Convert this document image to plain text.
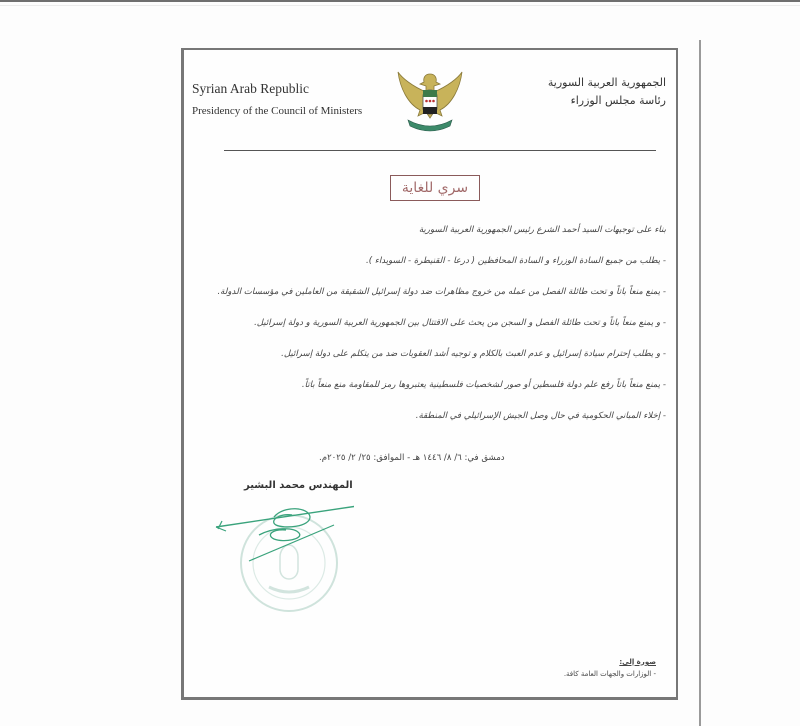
Syrian Arab Republic
Presidency of the Council of Ministers
الجمهورية العربية السورية
رئاسة مجلس الوزراء
سري للغاية
بناء على توجيهات السيد أحمد الشرع رئيس الجمهورية العربية السورية
- يطلب من جميع السادة الوزراء و السادة المحافظين ( درعا - القنيطرة - السويداء ).
- يمنع منعاً باتاً و تحت طائلة الفصل من عمله من خروج مظاهرات ضد دولة إسرائيل الشقيقة من العاملين في مؤسسات الدولة.
- و يمنع منعاً باتاً و تحت طائلة الفصل و السجن من يحث على الاقتتال بين الجمهورية العربية السورية و دولة إسرائيل.
- و يطلب إحترام سيادة إسرائيل و عدم العبث بالكلام و توجيه أشد العقوبات ضد من يتكلم على دولة إسرائيل.
- يمنع منعاً باتاً رفع علم دولة فلسطين أو صور لشخصيات فلسطينية يعتبروها رمز للمقاومة منع منعاً باتاً.
- إخلاء المباني الحكومية في حال وصل الجيش الإسرائيلي في المنطقة.
دمشق في: ٦/ ٨/ ١٤٤٦ هـ - الموافق: ٢٥/ ٢/ ٢٠٢٥م.
المهندس محمد البشير
صورة إلى:
- الوزارات والجهات العامة كافة.
